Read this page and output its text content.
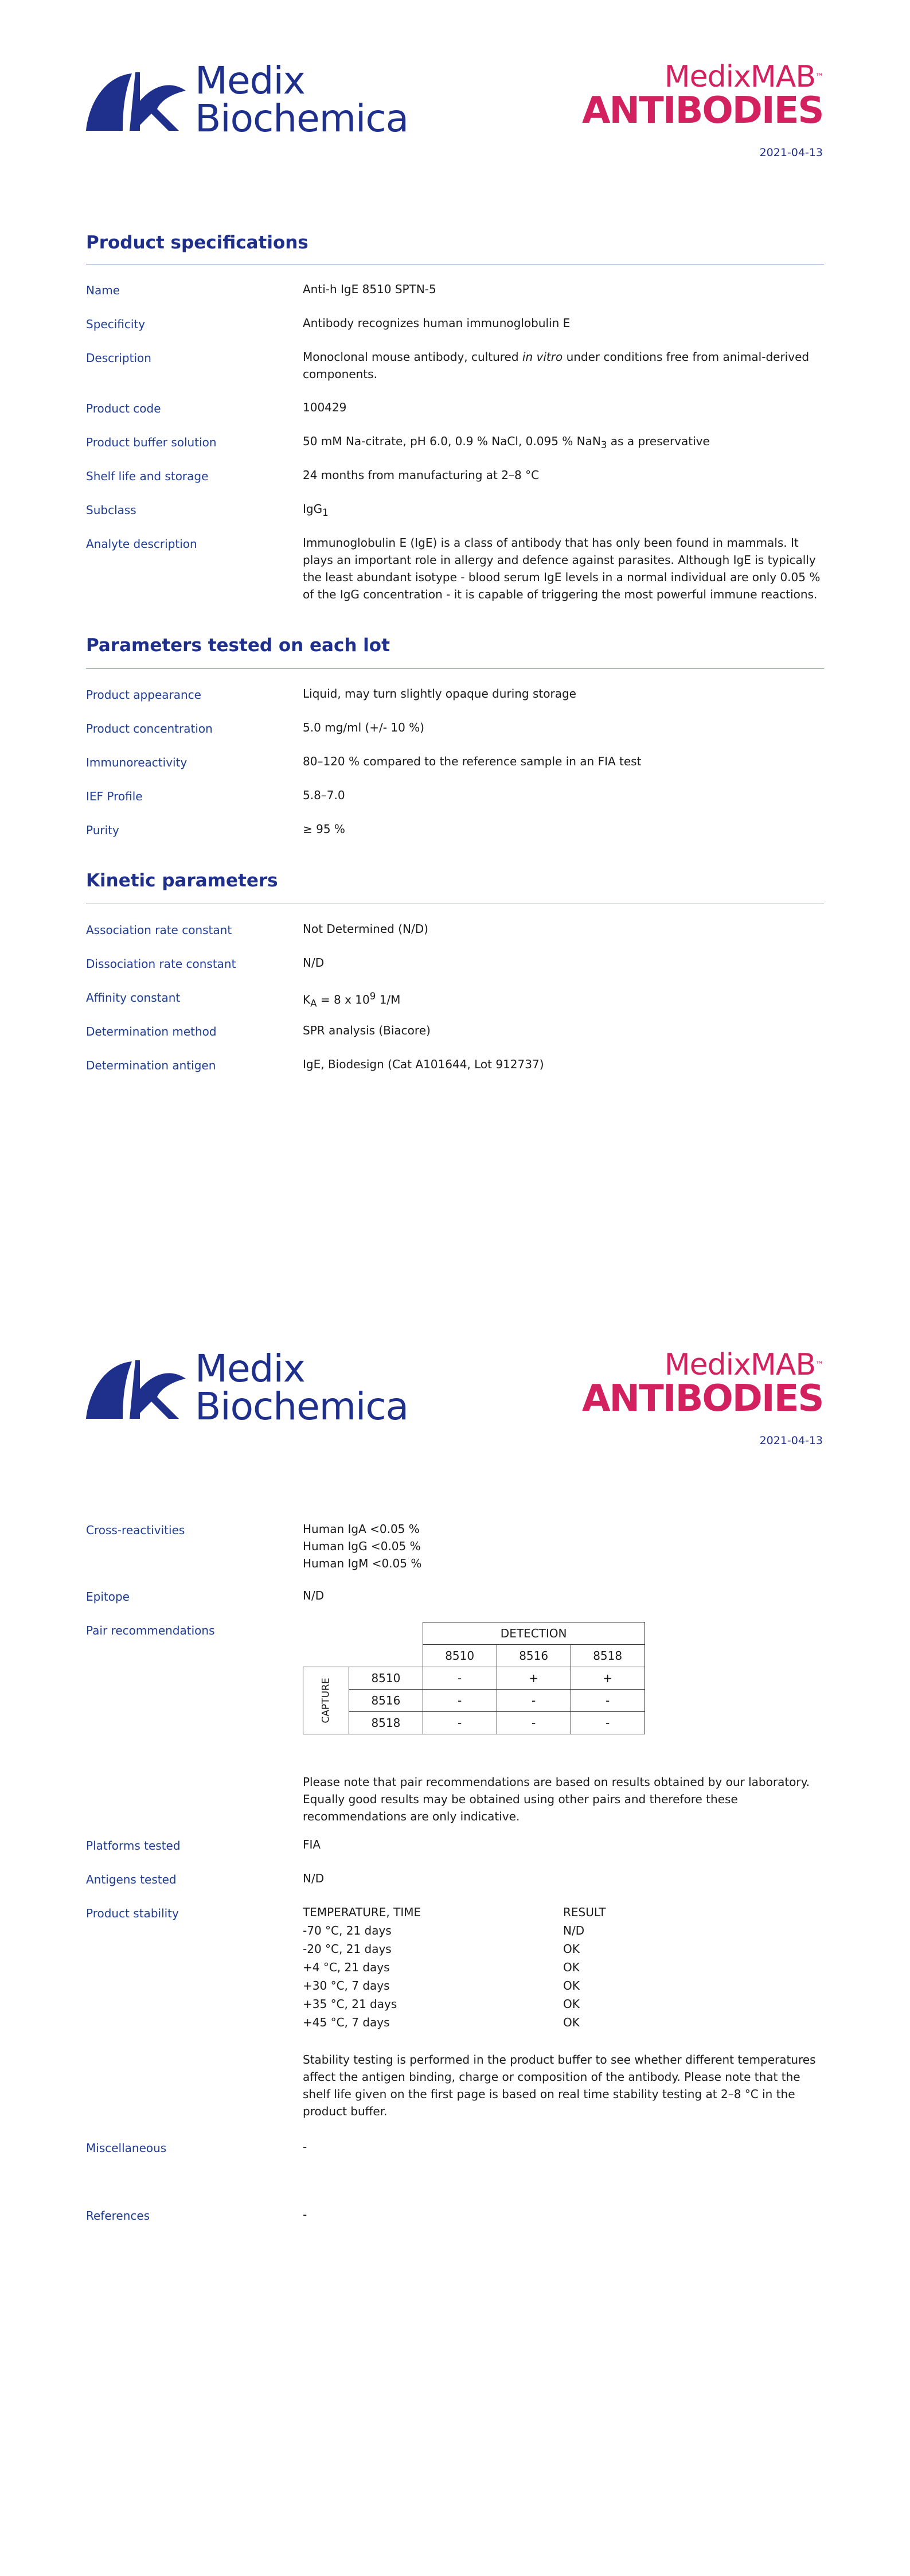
Medix
Biochemica
MedixMAB™
ANTIBODIES
2021-04-13
Product specifications
Name	Anti-h IgE 8510 SPTN-5
Specificity	Antibody recognizes human immunoglobulin E
Description	Monoclonal mouse antibody, cultured in vitro under conditions free from animal-derived components.
Product code	100429
Product buffer solution	50 mM Na-citrate, pH 6.0, 0.9 % NaCl, 0.095 % NaN$_3$ as a preservative
Shelf life and storage	24 months from manufacturing at 2–8 °C
Subclass	IgG$_1$
Analyte description	Immunoglobulin E (IgE) is a class of antibody that has only been found in mammals. It plays an important role in allergy and defence against parasites. Although IgE is typically the least abundant isotype - blood serum IgE levels in a normal individual are only 0.05 % of the IgG concentration - it is capable of triggering the most powerful immune reactions.
Parameters tested on each lot
Product appearance	Liquid, may turn slightly opaque during storage
Product concentration	5.0 mg/ml (+/- 10 %)
Immunoreactivity	80–120 % compared to the reference sample in an FIA test
IEF Profile	5.8–7.0
Purity	≥ 95 %
Kinetic parameters
Association rate constant	Not Determined (N/D)
Dissociation rate constant	N/D
Affinity constant	$K_A = 8$ x $10^9$ 1/M
Determination method	SPR analysis (Biacore)
Determination antigen	IgE, Biodesign (Cat A101644, Lot 912737)
Medix
Biochemica
MedixMAB™
ANTIBODIES
2021-04-13
Cross-reactivities	Human IgA <0.05 %
Human IgG <0.05 %
Human IgM <0.05 %
Epitope	N/D
Pair recommendations
			DETECTION		
		8510	8516	8518

CAPTURE	8510	-	+	+
	8516	-	-	-
	8518	-	-	-
Please note that pair recommendations are based on results obtained by our laboratory. Equally good results may be obtained using other pairs and therefore these recommendations are only indicative.
Platforms tested	FIA
Antigens tested	N/D
Product stability	TEMPERATURE, TIME	RESULT
-70 °C, 21 days	N/D
-20 °C, 21 days	OK
+4 °C, 21 days	OK
+30 °C, 7 days	OK
+35 °C, 21 days	OK
+45 °C, 7 days	OK
Stability testing is performed in the product buffer to see whether different temperatures affect the antigen binding, charge or composition of the antibody. Please note that the shelf life given on the first page is based on real time stability testing at 2–8 °C in the product buffer.
Miscellaneous	-
References	-
